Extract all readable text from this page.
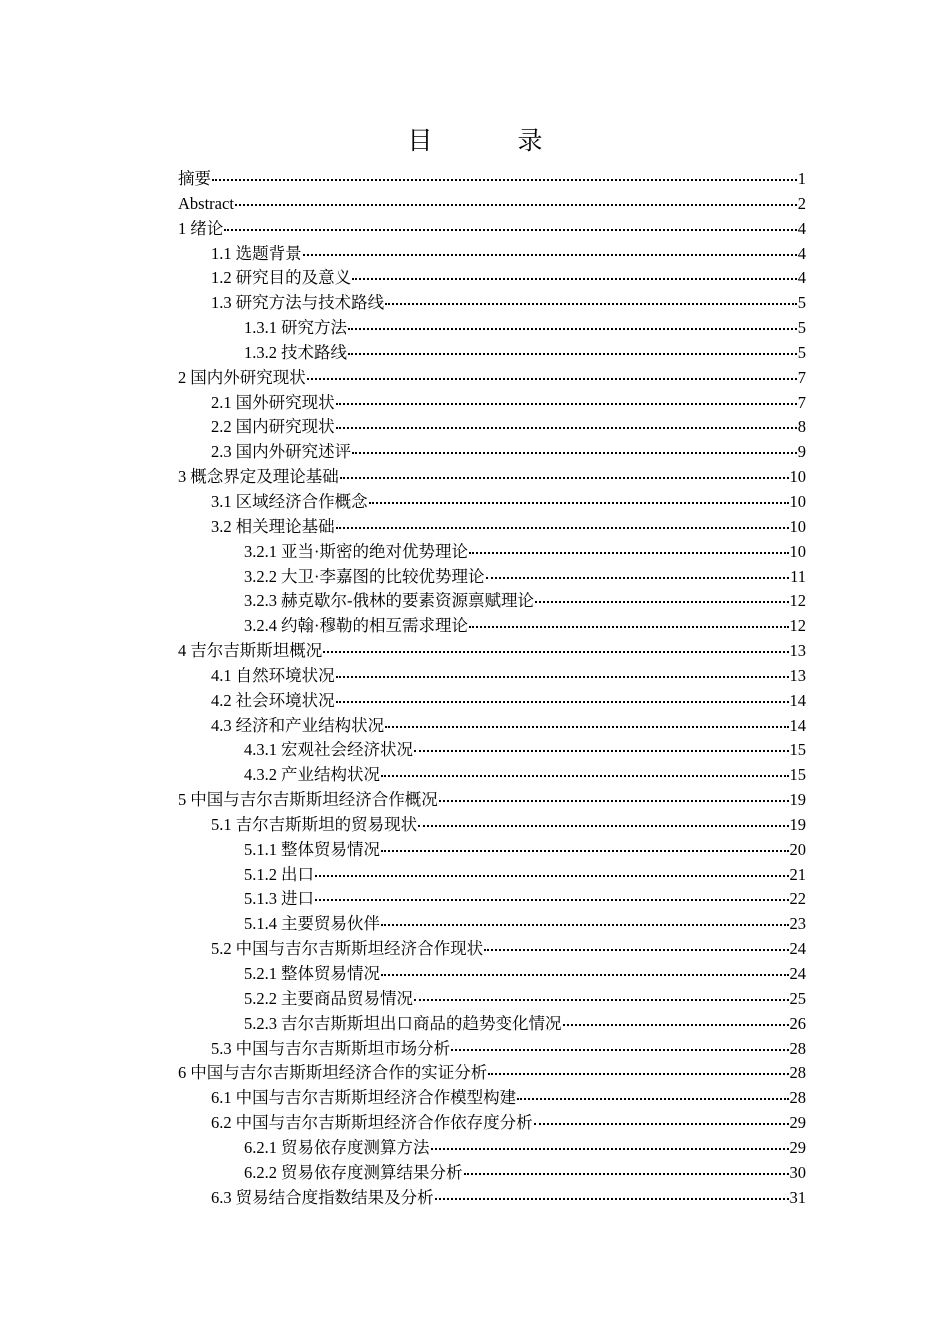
目　录
摘要	1
Abstract	2
1 绪论	4
1.1 选题背景	4
1.2 研究目的及意义	4
1.3 研究方法与技术路线	5
1.3.1 研究方法	5
1.3.2 技术路线	5
2 国内外研究现状	7
2.1 国外研究现状	7
2.2 国内研究现状	8
2.3 国内外研究述评	9
3 概念界定及理论基础	10
3.1 区域经济合作概念	10
3.2 相关理论基础	10
3.2.1 亚当·斯密的绝对优势理论	10
3.2.2 大卫·李嘉图的比较优势理论	11
3.2.3 赫克歇尔-俄林的要素资源禀赋理论	12
3.2.4 约翰·穆勒的相互需求理论	12
4 吉尔吉斯斯坦概况	13
4.1 自然环境状况	13
4.2 社会环境状况	14
4.3 经济和产业结构状况	14
4.3.1 宏观社会经济状况	15
4.3.2 产业结构状况	15
5 中国与吉尔吉斯斯坦经济合作概况	19
5.1 吉尔吉斯斯坦的贸易现状	19
5.1.1 整体贸易情况	20
5.1.2 出口	21
5.1.3 进口	22
5.1.4 主要贸易伙伴	23
5.2 中国与吉尔吉斯斯坦经济合作现状	24
5.2.1 整体贸易情况	24
5.2.2 主要商品贸易情况	25
5.2.3 吉尔吉斯斯坦出口商品的趋势变化情况	26
5.3 中国与吉尔吉斯斯坦市场分析	28
6 中国与吉尔吉斯斯坦经济合作的实证分析	28
6.1 中国与吉尔吉斯斯坦经济合作模型构建	28
6.2 中国与吉尔吉斯斯坦经济合作依存度分析	29
6.2.1 贸易依存度测算方法	29
6.2.2 贸易依存度测算结果分析	30
6.3 贸易结合度指数结果及分析	31
